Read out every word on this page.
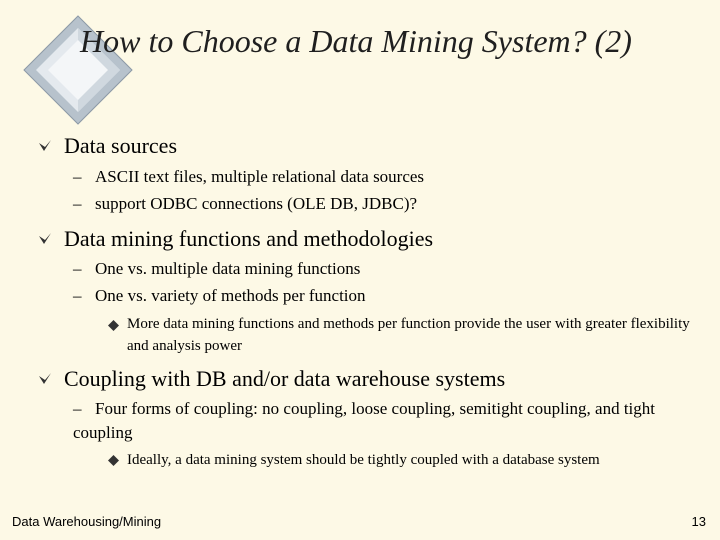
How to Choose a Data Mining System? (2)
Data sources
– ASCII text files, multiple relational data sources
– support ODBC connections (OLE DB, JDBC)?
Data mining functions and methodologies
– One vs. multiple data mining functions
– One vs. variety of methods per function
More data mining functions and methods per function provide the user with greater flexibility and analysis power
Coupling with DB and/or data warehouse systems
– Four forms of coupling: no coupling, loose coupling, semitight coupling, and tight coupling
Ideally, a data mining system should be tightly coupled with a database system
Data Warehousing/Mining	13
